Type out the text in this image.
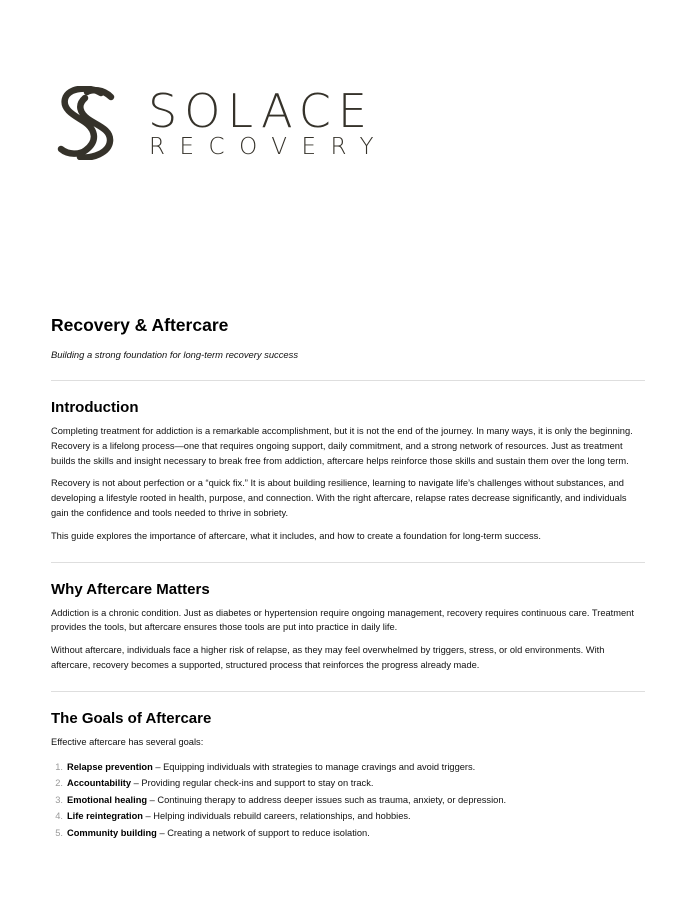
SOLACE
RECOVERY
Recovery & Aftercare

Building a strong foundation for long-term recovery success

Introduction

Completing treatment for addiction is a remarkable accomplishment, but it is not the end of the journey. In many ways, it is only the beginning. Recovery is a lifelong process—one that requires ongoing support, daily commitment, and a strong network of resources. Just as treatment builds the skills and insight necessary to break free from addiction, aftercare helps reinforce those skills and sustain them over the long term.

Recovery is not about perfection or a “quick fix.” It is about building resilience, learning to navigate life’s challenges without substances, and developing a lifestyle rooted in health, purpose, and connection. With the right aftercare, relapse rates decrease significantly, and individuals gain the confidence and tools needed to thrive in sobriety.

This guide explores the importance of aftercare, what it includes, and how to create a foundation for long-term success.

Why Aftercare Matters

Addiction is a chronic condition. Just as diabetes or hypertension require ongoing management, recovery requires continuous care. Treatment provides the tools, but aftercare ensures those tools are put into practice in daily life.

Without aftercare, individuals face a higher risk of relapse, as they may feel overwhelmed by triggers, stress, or old environments. With aftercare, recovery becomes a supported, structured process that reinforces the progress already made.

The Goals of Aftercare

Effective aftercare has several goals:

1. Relapse prevention – Equipping individuals with strategies to manage cravings and avoid triggers.
2. Accountability – Providing regular check-ins and support to stay on track.
3. Emotional healing – Continuing therapy to address deeper issues such as trauma, anxiety, or depression.
4. Life reintegration – Helping individuals rebuild careers, relationships, and hobbies.
5. Community building – Creating a network of support to reduce isolation.
